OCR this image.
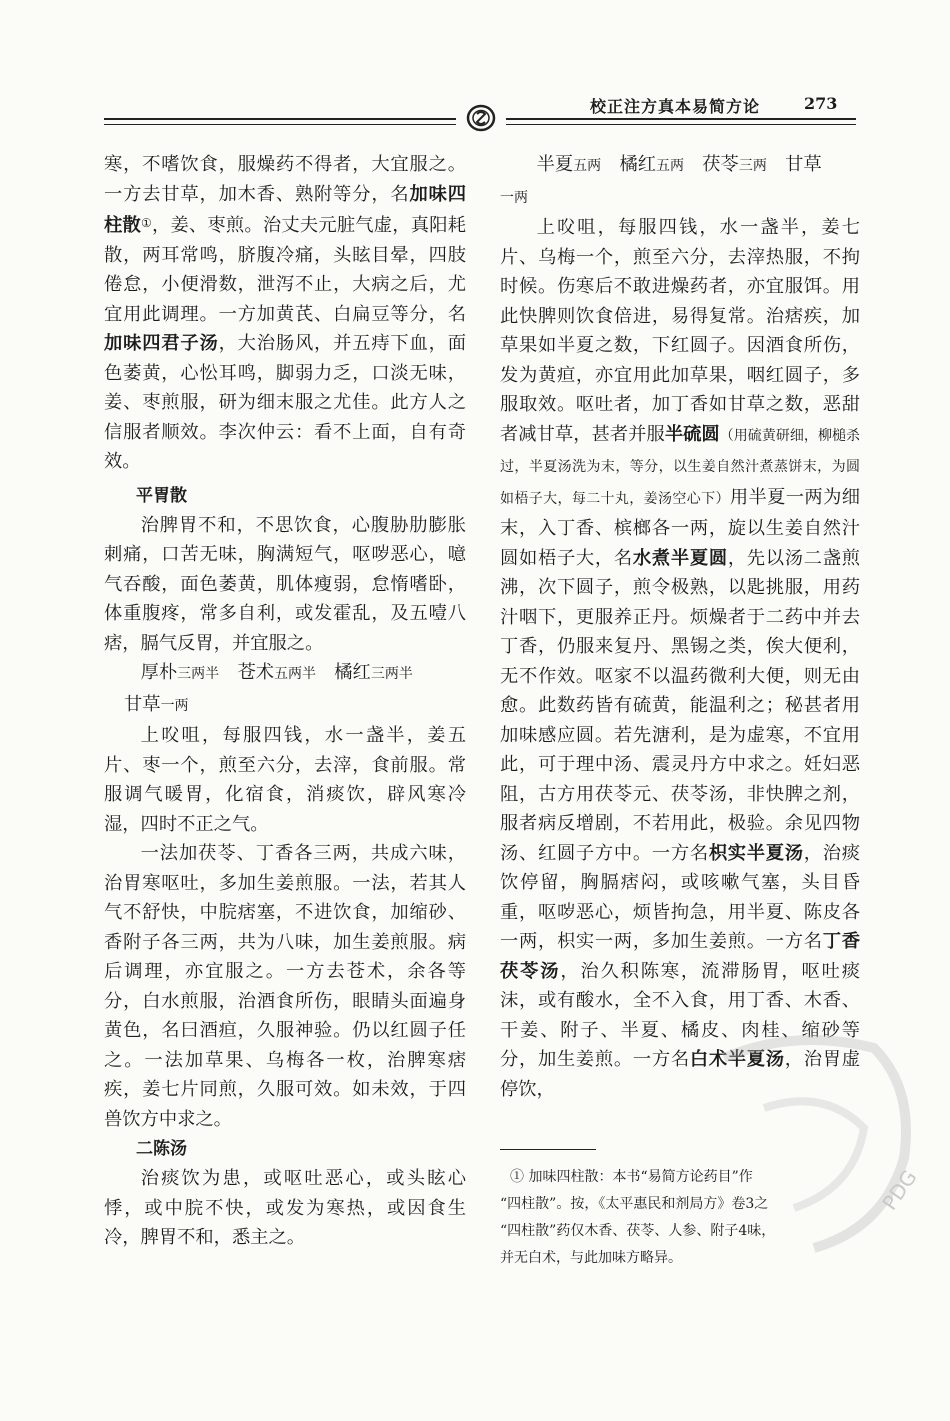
校正注方真本易简方论	273

寒，不嗜饮食，服燥药不得者，大宜服之。一方去甘草，加木香、熟附等分，名加味四柱散①，姜、枣煎。治丈夫元脏气虚，真阳耗散，两耳常鸣，脐腹冷痛，头眩目晕，四肢倦怠，小便滑数，泄泻不止，大病之后，尤宜用此调理。一方加黄芪、白扁豆等分，名加味四君子汤，大治肠风，并五痔下血，面色萎黄，心忪耳鸣，脚弱力乏，口淡无味，姜、枣煎服，研为细末服之尤佳。此方人之信服者顺效。李次仲云：看不上面，自有奇效。

平胃散

治脾胃不和，不思饮食，心腹胁肋膨胀刺痛，口苦无味，胸满短气，呕哕恶心，噫气吞酸，面色萎黄，肌体瘦弱，怠惰嗜卧，体重腹疼，常多自利，或发霍乱，及五噎八痞，膈气反胃，并宜服之。

厚朴三两半　 苍术五两半　 橘红三两半

甘草一两

上㕮咀，每服四钱，水一盏半，姜五片、枣一个，煎至六分，去滓，食前服。常服调气暖胃，化宿食，消痰饮，辟风寒冷湿，四时不正之气。

一法加茯苓、丁香各三两，共成六味，治胃寒呕吐，多加生姜煎服。一法，若其人气不舒快，中脘痞塞，不进饮食，加缩砂、香附子各三两，共为八味，加生姜煎服。病后调理，亦宜服之。一方去苍术，余各等分，白水煎服，治酒食所伤，眼睛头面遍身黄色，名曰酒疸，久服神验。仍以红圆子任之。一法加草果、乌梅各一枚，治脾寒痞疾，姜七片同煎，久服可效。如未效，于四兽饮方中求之。

二陈汤

治痰饮为患，或呕吐恶心，或头眩心悸，或中脘不快，或发为寒热，或因食生冷，脾胃不和，悉主之。

半夏五两　 橘红五两　 茯苓三两　 甘草

一两

上㕮咀，每服四钱，水一盏半，姜七片、乌梅一个，煎至六分，去滓热服，不拘时候。伤寒后不敢进燥药者，亦宜服饵。用此快脾则饮食倍进，易得复常。治痞疾，加草果如半夏之数，下红圆子。因酒食所伤，发为黄疸，亦宜用此加草果，咽红圆子，多服取效。呕吐者，加丁香如甘草之数，恶甜者减甘草，甚者并服半硫圆（用硫黄研细，柳槌杀过，半夏汤洗为末，等分，以生姜自然汁煮蒸饼末，为圆如梧子大，每二十丸，姜汤空心下）用半夏一两为细末，入丁香、槟榔各一两，旋以生姜自然汁圆如梧子大，名水煮半夏圆，先以汤二盏煎沸，次下圆子，煎令极熟，以匙挑服，用药汁咽下，更服养正丹。烦燥者于二药中并去丁香，仍服来复丹、黑锡之类，俟大便利，无不作效。呕家不以温药微利大便，则无由愈。此数药皆有硫黄，能温利之；秘甚者用加味感应圆。若先溏利，是为虚寒，不宜用此，可于理中汤、震灵丹方中求之。妊妇恶阻，古方用茯苓元、茯苓汤，非快脾之剂，服者病反增剧，不若用此，极验。余见四物汤、红圆子方中。一方名枳实半夏汤，治痰饮停留，胸膈痞闷，或咳嗽气塞，头目昏重，呕哕恶心，烦皆拘急，用半夏、陈皮各一两，枳实一两，多加生姜煎。一方名丁香茯苓汤，治久积陈寒，流滞肠胃，呕吐痰沫，或有酸水，全不入食，用丁香、木香、干姜、附子、半夏、橘皮、肉桂、缩砂等分，加生姜煎。一方名白术半夏汤，治胃虚停饮，

① 加味四柱散：本书“易简方论药目”作

“四柱散”。按，《太平惠民和剂局方》卷3之

“四柱散”药仅木香、茯苓、人参、附子4味，

并无白术，与此加味方略异。

PDG
